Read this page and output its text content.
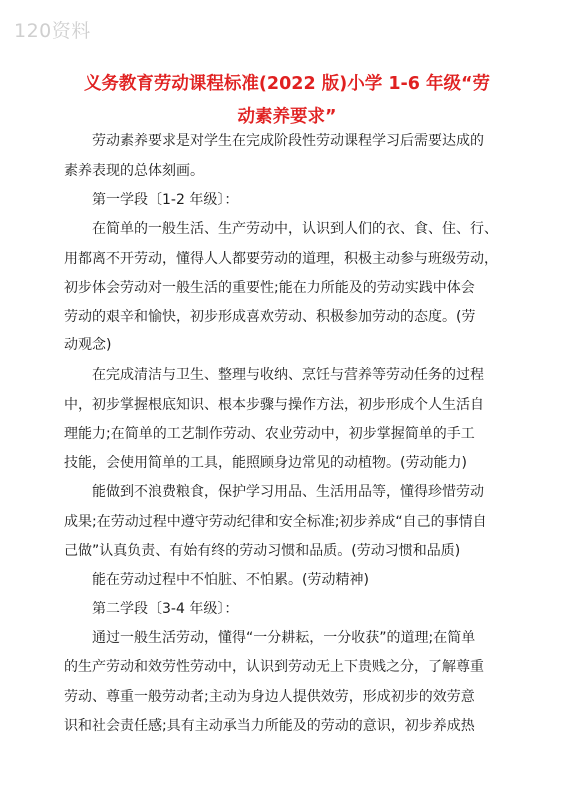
120资料
义务教育劳动课程标准(2022 版)小学 1-6 年级“劳
动素养要求”
　　劳动素养要求是对学生在完成阶段性劳动课程学习后需要达成的
素养表现的总体刻画。
　　第一学段〔1-2 年级〕：
　　在简单的一般生活、生产劳动中，认识到人们的衣、食、住、行、
用都离不开劳动，懂得人人都要劳动的道理，积极主动参与班级劳动，
初步体会劳动对一般生活的重要性;能在力所能及的劳动实践中体会
劳动的艰辛和愉快，初步形成喜欢劳动、积极参加劳动的态度。(劳
动观念)
　　在完成清洁与卫生、整理与收纳、烹饪与营养等劳动任务的过程
中，初步掌握根底知识、根本步骤与操作方法，初步形成个人生活自
理能力;在简单的工艺制作劳动、农业劳动中，初步掌握简单的手工
技能，会使用简单的工具，能照顾身边常见的动植物。(劳动能力)
　　能做到不浪费粮食，保护学习用品、生活用品等，懂得珍惜劳动
成果;在劳动过程中遵守劳动纪律和安全标准;初步养成“自己的事情自
己做”认真负责、有始有终的劳动习惯和品质。(劳动习惯和品质)
　　能在劳动过程中不怕脏、不怕累。(劳动精神)
　　第二学段〔3-4 年级〕：
　　通过一般生活劳动，懂得“一分耕耘，一分收获”的道理;在简单
的生产劳动和效劳性劳动中，认识到劳动无上下贵贱之分，了解尊重
劳动、尊重一般劳动者;主动为身边人提供效劳，形成初步的效劳意
识和社会责任感;具有主动承当力所能及的劳动的意识，初步养成热
